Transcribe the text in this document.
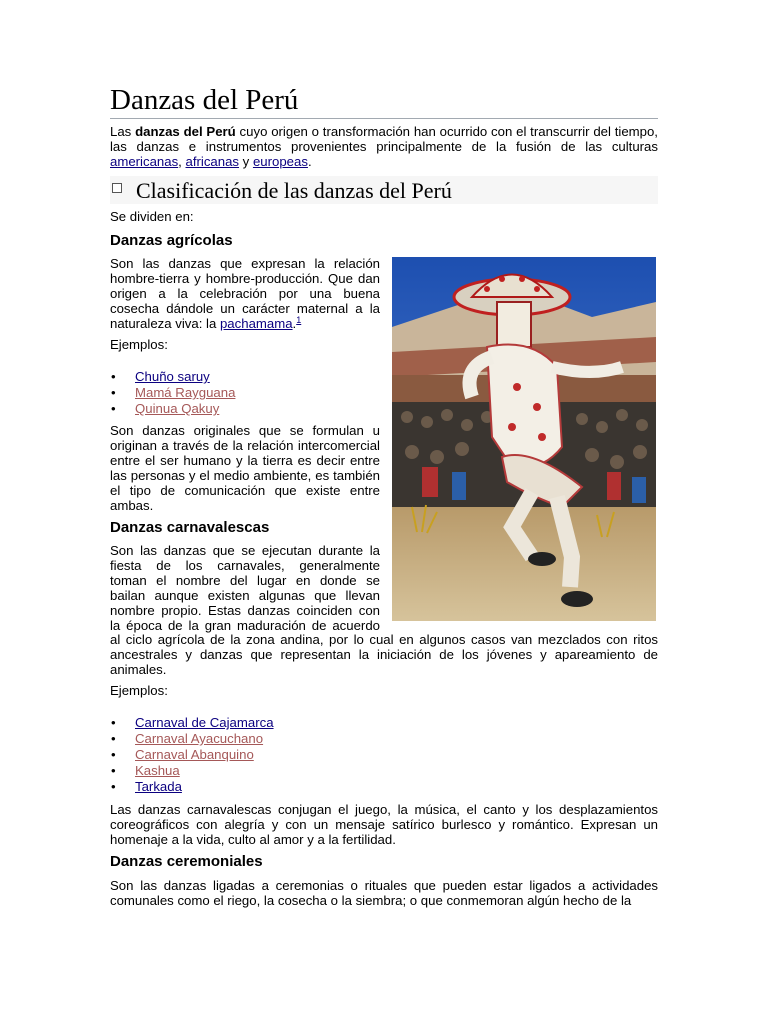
Danzas del Perú

Las danzas del Perú cuyo origen o transformación han ocurrido con el transcurrir del tiempo, las danzas e instrumentos provenientes principalmente de la fusión de las culturas americanas, africanas y europeas.

Clasificación de las danzas del Perú

Se dividen en:

Danzas agrícolas

Son las danzas que expresan la relación hombre-tierra y hombre-producción. Que dan origen a la celebración por una buena cosecha dándole un carácter maternal a la naturaleza viva: la pachamama.$^1$

Ejemplos:

• Chuño saruy
• Mamá Rayguana
• Quinua Qakuy

Son danzas originales que se formulan u originan a través de la relación intercomercial entre el ser humano y la tierra es decir entre las personas y el medio ambiente, es también el tipo de comunicación que existe entre ambas.

Danzas carnavalescas

Son las danzas que se ejecutan durante la

fiesta de los carnavales, generalmente

toman el nombre del lugar en donde se

bailan aunque existen algunas que llevan

nombre propio. Estas danzas coinciden con

la época de la gran maduración de acuerdo

al ciclo agrícola de la zona andina, por lo cual en algunos casos van mezclados con ritos ancestrales y danzas que representan la iniciación de los jóvenes y apareamiento de animales.

Ejemplos:

• Carnaval de Cajamarca
• Carnaval Ayacuchano
• Carnaval Abanquino
• Kashua
• Tarkada

Las danzas carnavalescas conjugan el juego, la música, el canto y los desplazamientos coreográficos con alegría y con un mensaje satírico burlesco y romántico. Expresan un homenaje a la vida, culto al amor y a la fertilidad.

Danzas ceremoniales

Son las danzas ligadas a ceremonias o rituales que pueden estar ligados a actividades comunales como el riego, la cosecha o la siembra; o que conmemoran algún hecho de la
